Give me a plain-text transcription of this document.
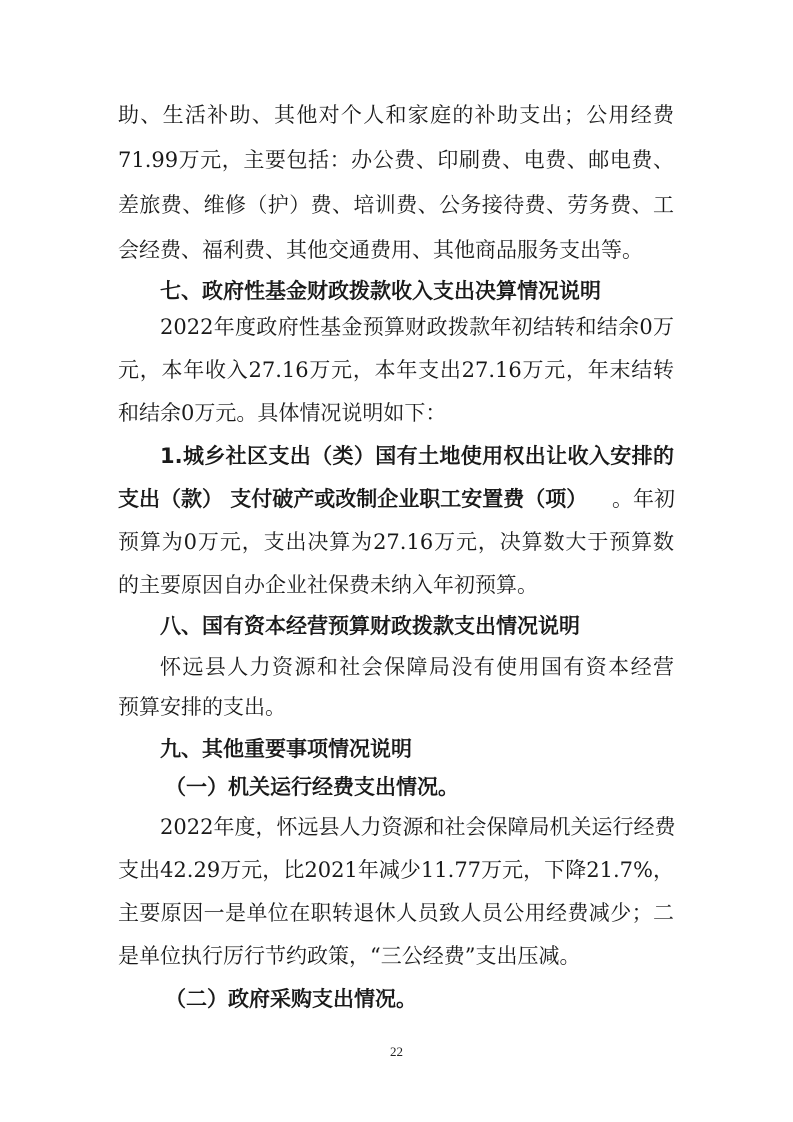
助、生活补助、其他对个人和家庭的补助支出；公用经费
71.99万元，主要包括：办公费、印刷费、电费、邮电费、
差旅费、维修（护）费、培训费、公务接待费、劳务费、工
会经费、福利费、其他交通费用、其他商品服务支出等。
七、政府性基金财政拨款收入支出决算情况说明
2022年度政府性基金预算财政拨款年初结转和结余0万
元，本年收入27.16万元，本年支出27.16万元，年末结转
和结余0万元。具体情况说明如下：
1.城乡社区支出（类）国有土地使用权出让收入安排的
支出（款） 支付破产或改制企业职工安置费（项） 。年初
预算为0万元，支出决算为27.16万元，决算数大于预算数
的主要原因自办企业社保费未纳入年初预算。
八、国有资本经营预算财政拨款支出情况说明
怀远县人力资源和社会保障局没有使用国有资本经营
预算安排的支出。
九、其他重要事项情况说明
（一）机关运行经费支出情况。
2022年度，怀远县人力资源和社会保障局机关运行经费
支出42.29万元，比2021年减少11.77万元，下降21.7%，
主要原因一是单位在职转退休人员致人员公用经费减少；二
是单位执行厉行节约政策，“三公经费”支出压减。
（二）政府采购支出情况。
22
